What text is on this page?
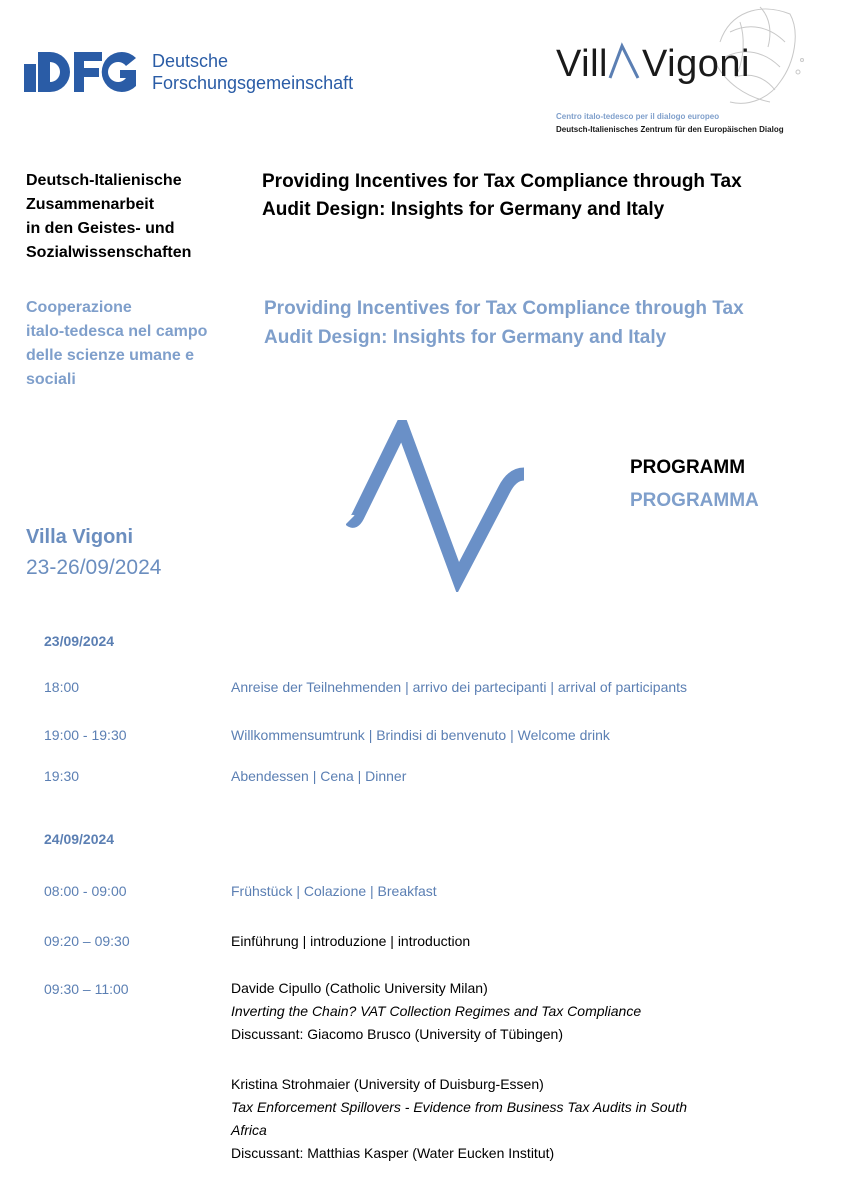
Deutsche
Forschungsgemeinschaft	Vill Vigoni
Centro italo-tedesco per il dialogo europeo
Deutsch-Italienisches Zentrum für den Europäischen Dialog
Deutsch-Italienische
Zusammenarbeit
in den Geistes- und
Sozialwissenschaften
Providing Incentives for Tax Compliance through Tax
Audit Design: Insights for Germany and Italy
Cooperazione
italo-tedesca nel campo
delle scienze umane e
sociali
Providing Incentives for Tax Compliance through Tax
Audit Design: Insights for Germany and Italy
PROGRAMM
PROGRAMMA
Villa Vigoni
23-26/09/2024
23/09/2024
18:00	Anreise der Teilnehmenden | arrivo dei partecipanti | arrival of participants
19:00 - 19:30	Willkommensumtrunk | Brindisi di benvenuto | Welcome drink
19:30	Abendessen | Cena | Dinner
24/09/2024
08:00 - 09:00	Frühstück | Colazione | Breakfast
09:20 – 09:30	Einführung | introduzione | introduction
09:30 – 11:00	Davide Cipullo (Catholic University Milan)
Inverting the Chain? VAT Collection Regimes and Tax Compliance
Discussant: Giacomo Brusco (University of Tübingen)
Kristina Strohmaier (University of Duisburg-Essen)
Tax Enforcement Spillovers - Evidence from Business Tax Audits in South
Africa
Discussant: Matthias Kasper (Water Eucken Institut)
